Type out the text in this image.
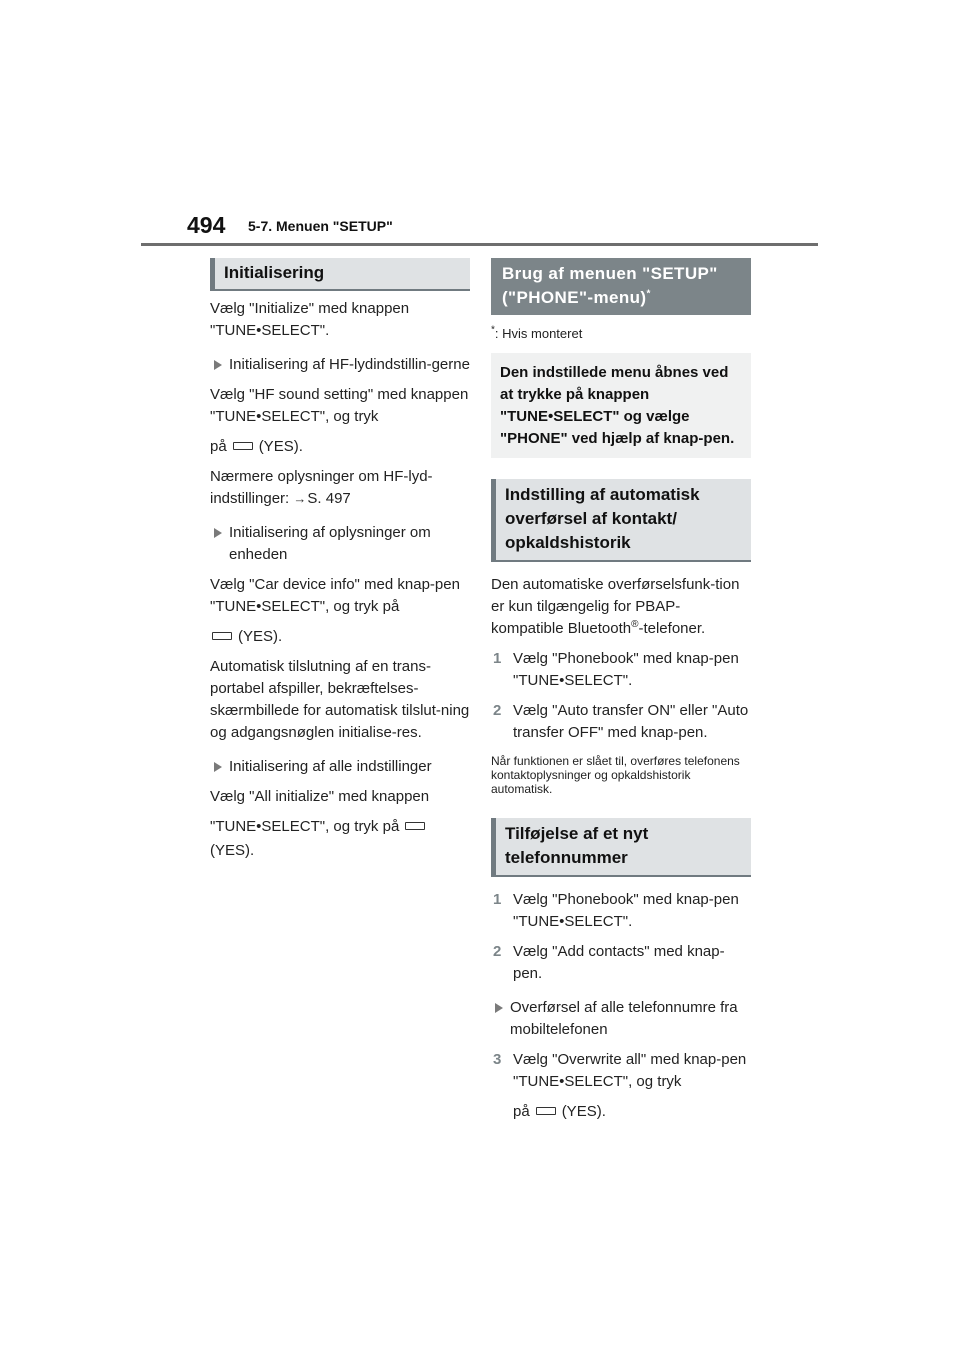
494 5-7. Menuen "SETUP"
Initialisering

Vælg "Initialize" med knappen "TUNE•SELECT".

Initialisering af HF-lydindstillin-gerne

Vælg "HF sound setting" med knappen "TUNE•SELECT", og tryk

på (YES).

Nærmere oplysninger om HF-lyd-indstillinger: →S. 497

Initialisering af oplysninger om enheden

Vælg "Car device info" med knap-pen "TUNE•SELECT", og tryk på

(YES).

Automatisk tilslutning af en trans-portabel afspiller, bekræftelses-skærmbillede for automatisk tilslut-ning og adgangsnøglen initialise-res.

Initialisering af alle indstillinger

Vælg "All initialize" med knappen

"TUNE•SELECT", og tryk på

(YES).

Brug af menuen "SETUP" ("PHONE"-menu)*

*: Hvis monteret

Den indstillede menu åbnes ved at trykke på knappen "TUNE•SELECT" og vælge "PHONE" ved hjælp af knap-pen.
Indstilling af automatisk overførsel af kontakt/ opkaldshistorik

Den automatiske overførselsfunk-tion er kun tilgængelig for PBAP-kompatible Bluetooth®-telefoner.

1 Vælg "Phonebook" med knap-pen "TUNE•SELECT".

2 Vælg "Auto transfer ON" eller "Auto transfer OFF" med knap-pen.

Når funktionen er slået til, overføres telefonens kontaktoplysninger og opkaldshistorik automatisk.

Tilføjelse af et nyt telefonnummer

1 Vælg "Phonebook" med knap-pen "TUNE•SELECT".

2 Vælg "Add contacts" med knap-pen.

Overførsel af alle telefonnumre fra mobiltelefonen

3 Vælg "Overwrite all" med knap-pen "TUNE•SELECT", og tryk

på (YES).
